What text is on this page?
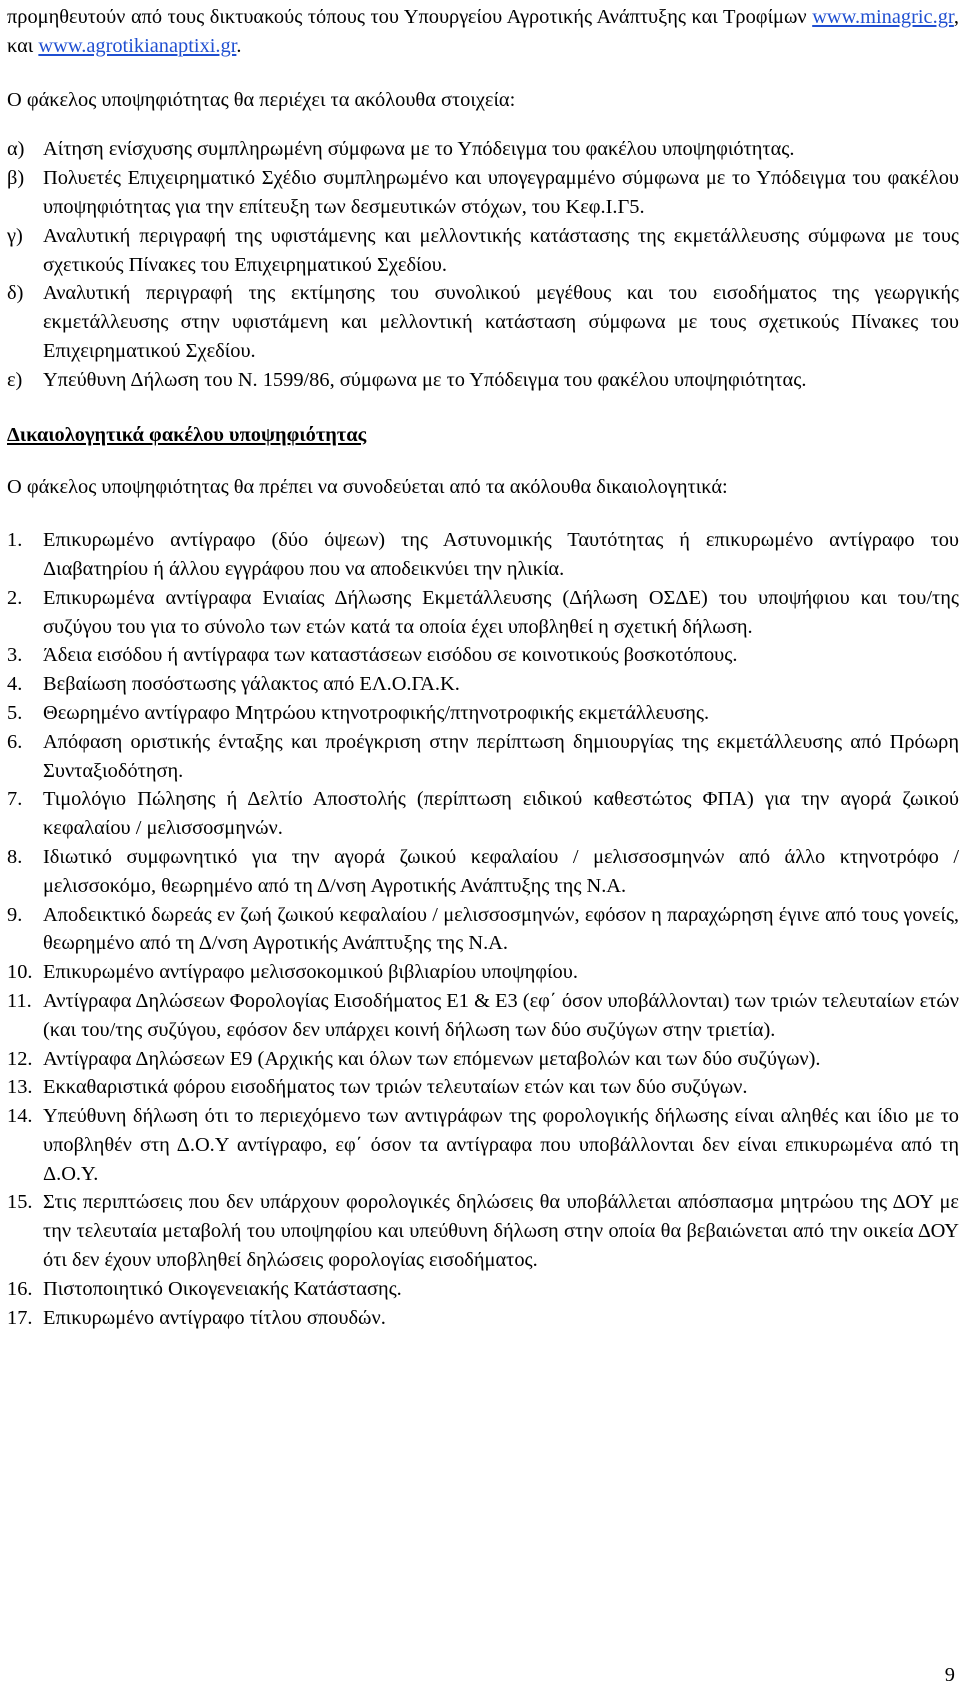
προμηθευτούν από τους δικτυακούς τόπους του Υπουργείου Αγροτικής Ανάπτυξης και Τροφίμων www.minagric.gr, και www.agrotikianaptixi.gr.

Ο φάκελος υποψηφιότητας θα περιέχει τα ακόλουθα στοιχεία:

α) Αίτηση ενίσχυσης συμπληρωμένη σύμφωνα με το Υπόδειγμα του φακέλου υποψηφιότητας.
β) Πολυετές Επιχειρηματικό Σχέδιο συμπληρωμένο και υπογεγραμμένο σύμφωνα με το Υπόδειγμα του φακέλου υποψηφιότητας για την επίτευξη των δεσμευτικών στόχων, του Κεφ.Ι.Γ5.
γ) Αναλυτική περιγραφή της υφιστάμενης και μελλοντικής κατάστασης της εκμετάλλευσης σύμφωνα με τους σχετικούς Πίνακες του Επιχειρηματικού Σχεδίου.
δ) Αναλυτική περιγραφή της εκτίμησης του συνολικού μεγέθους και του εισοδήματος της γεωργικής εκμετάλλευσης στην υφιστάμενη και μελλοντική κατάσταση σύμφωνα με τους σχετικούς Πίνακες του Επιχειρηματικού Σχεδίου.
ε)	Υπεύθυνη Δήλωση του Ν. 1599/86, σύμφωνα με το Υπόδειγμα του φακέλου υποψηφιότητας.
Δικαιολογητικά φακέλου υποψηφιότητας

Ο φάκελος υποψηφιότητας θα πρέπει να συνοδεύεται από τα ακόλουθα δικαιολογητικά:

1.	Επικυρωμένο αντίγραφο (δύο όψεων) της Αστυνομικής Ταυτότητας ή επικυρωμένο αντίγραφο του Διαβατηρίου ή άλλου εγγράφου που να αποδεικνύει την ηλικία.
2.	Επικυρωμένα αντίγραφα Ενιαίας Δήλωσης Εκμετάλλευσης (Δήλωση ΟΣΔΕ) του υποψήφιου και του/της συζύγου του για το σύνολο των ετών κατά τα οποία έχει υποβληθεί η σχετική δήλωση.
3.	Άδεια εισόδου ή αντίγραφα των καταστάσεων εισόδου σε κοινοτικούς βοσκοτόπους.
4.	Βεβαίωση ποσόστωσης γάλακτος από ΕΛ.Ο.ΓΑ.Κ.
5.	Θεωρημένο αντίγραφο Μητρώου κτηνοτροφικής/πτηνοτροφικής εκμετάλλευσης.
6.	Απόφαση οριστικής ένταξης και προέγκριση στην περίπτωση δημιουργίας της εκμετάλλευσης από Πρόωρη Συνταξιοδότηση.
7.	Τιμολόγιο Πώλησης ή Δελτίο Αποστολής (περίπτωση ειδικού καθεστώτος ΦΠΑ) για την αγορά ζωικού κεφαλαίου / μελισσοσμηνών.
8.	Ιδιωτικό συμφωνητικό για την αγορά ζωικού κεφαλαίου / μελισσοσμηνών από άλλο κτηνοτρόφο / μελισσοκόμο, θεωρημένο από τη Δ/νση Αγροτικής Ανάπτυξης της Ν.Α.
9.	Αποδεικτικό δωρεάς εν ζωή ζωικού κεφαλαίου / μελισσοσμηνών, εφόσον η παραχώρηση έγινε από τους γονείς, θεωρημένο από τη Δ/νση Αγροτικής Ανάπτυξης της Ν.Α.
10. Επικυρωμένο αντίγραφο μελισσοκομικού βιβλιαρίου υποψηφίου.
11. Αντίγραφα Δηλώσεων Φορολογίας Εισοδήματος Ε1 & Ε3 (εφ΄ όσον υποβάλλονται) των τριών τελευταίων ετών (και του/της συζύγου, εφόσον δεν υπάρχει κοινή δήλωση των δύο συζύγων στην τριετία).
12. Αντίγραφα Δηλώσεων Ε9 (Αρχικής και όλων των επόμενων μεταβολών και των δύο συζύγων).
13. Εκκαθαριστικά φόρου εισοδήματος των τριών τελευταίων ετών και των δύο συζύγων.
14. Υπεύθυνη δήλωση ότι το περιεχόμενο των αντιγράφων της φορολογικής δήλωσης είναι αληθές και ίδιο με το υποβληθέν στη Δ.Ο.Υ αντίγραφο, εφ΄ όσον τα αντίγραφα που υποβάλλονται δεν είναι επικυρωμένα από τη Δ.Ο.Υ.
15. Στις περιπτώσεις που δεν υπάρχουν φορολογικές δηλώσεις θα υποβάλλεται απόσπασμα μητρώου της ΔΟΥ με την τελευταία μεταβολή του υποψηφίου και υπεύθυνη δήλωση στην οποία θα βεβαιώνεται από την οικεία ΔΟΥ ότι δεν έχουν υποβληθεί δηλώσεις φορολογίας εισοδήματος.
16. Πιστοποιητικό Οικογενειακής Κατάστασης.
17. Επικυρωμένο αντίγραφο τίτλου σπουδών.
9
